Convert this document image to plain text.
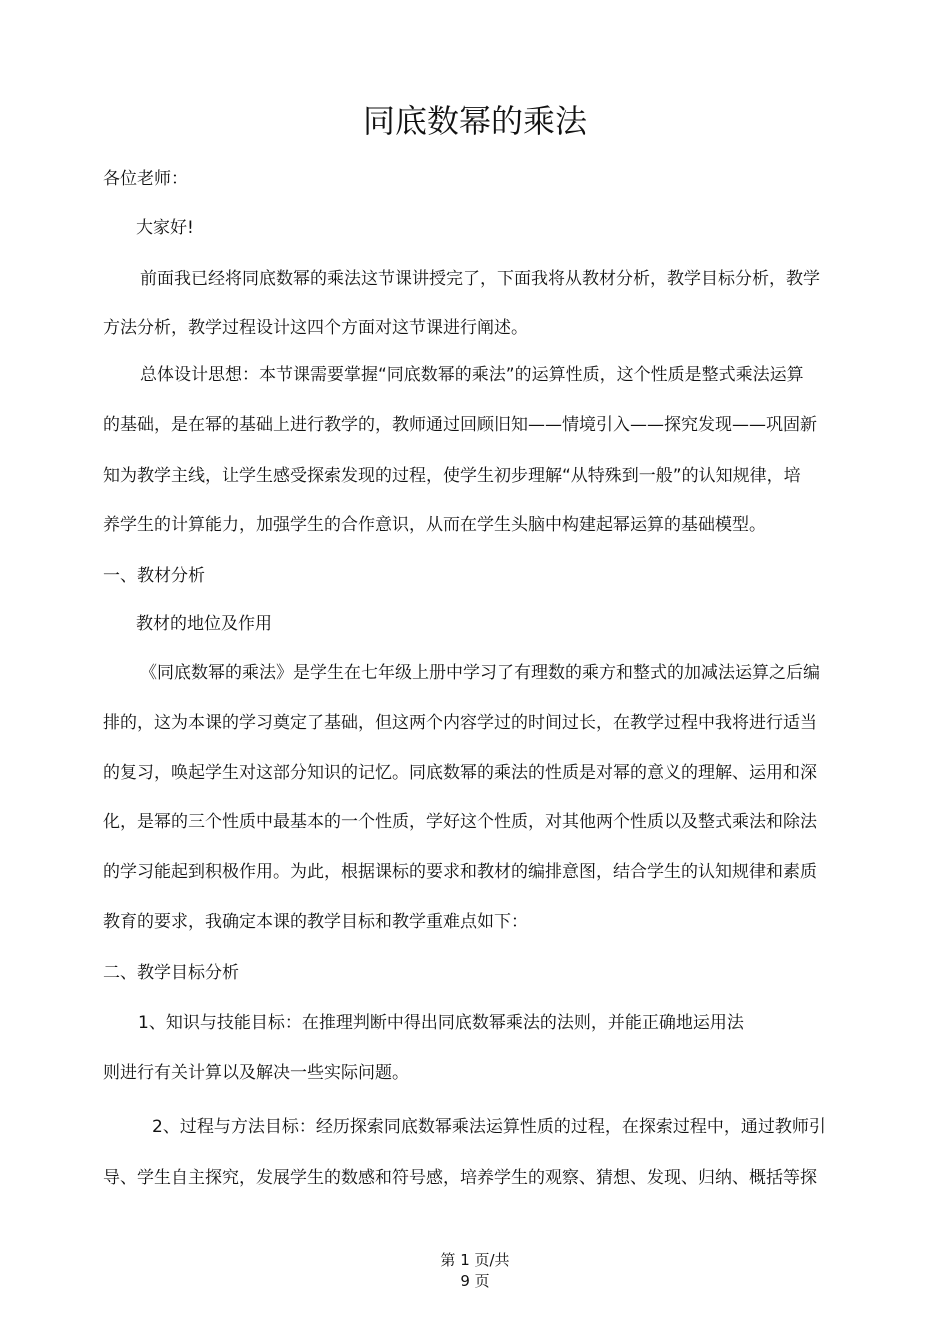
同底数幂的乘法
各位老师：
大家好!
前面我已经将同底数幂的乘法这节课讲授完了，下面我将从教材分析，教学目标分析，教学
方法分析，教学过程设计这四个方面对这节课进行阐述。
总体设计思想：本节课需要掌握“同底数幂的乘法”的运算性质，这个性质是整式乘法运算
的基础，是在幂的基础上进行教学的，教师通过回顾旧知——情境引入——探究发现——巩固新
知为教学主线，让学生感受探索发现的过程，使学生初步理解“从特殊到一般”的认知规律，培
养学生的计算能力，加强学生的合作意识，从而在学生头脑中构建起幂运算的基础模型。
一、教材分析
教材的地位及作用
《同底数幂的乘法》是学生在七年级上册中学习了有理数的乘方和整式的加减法运算之后编
排的，这为本课的学习奠定了基础，但这两个内容学过的时间过长，在教学过程中我将进行适当
的复习，唤起学生对这部分知识的记忆。同底数幂的乘法的性质是对幂的意义的理解、运用和深
化，是幂的三个性质中最基本的一个性质，学好这个性质，对其他两个性质以及整式乘法和除法
的学习能起到积极作用。为此，根据课标的要求和教材的编排意图，结合学生的认知规律和素质
教育的要求，我确定本课的教学目标和教学重难点如下：
二、教学目标分析
1、知识与技能目标：在推理判断中得出同底数幂乘法的法则，并能正确地运用法
则进行有关计算以及解决一些实际问题。
2、过程与方法目标：经历探索同底数幂乘法运算性质的过程，在探索过程中，通过教师引
导、学生自主探究，发展学生的数感和符号感，培养学生的观察、猜想、发现、归纳、概括等探
第 1 页/共
9 页
